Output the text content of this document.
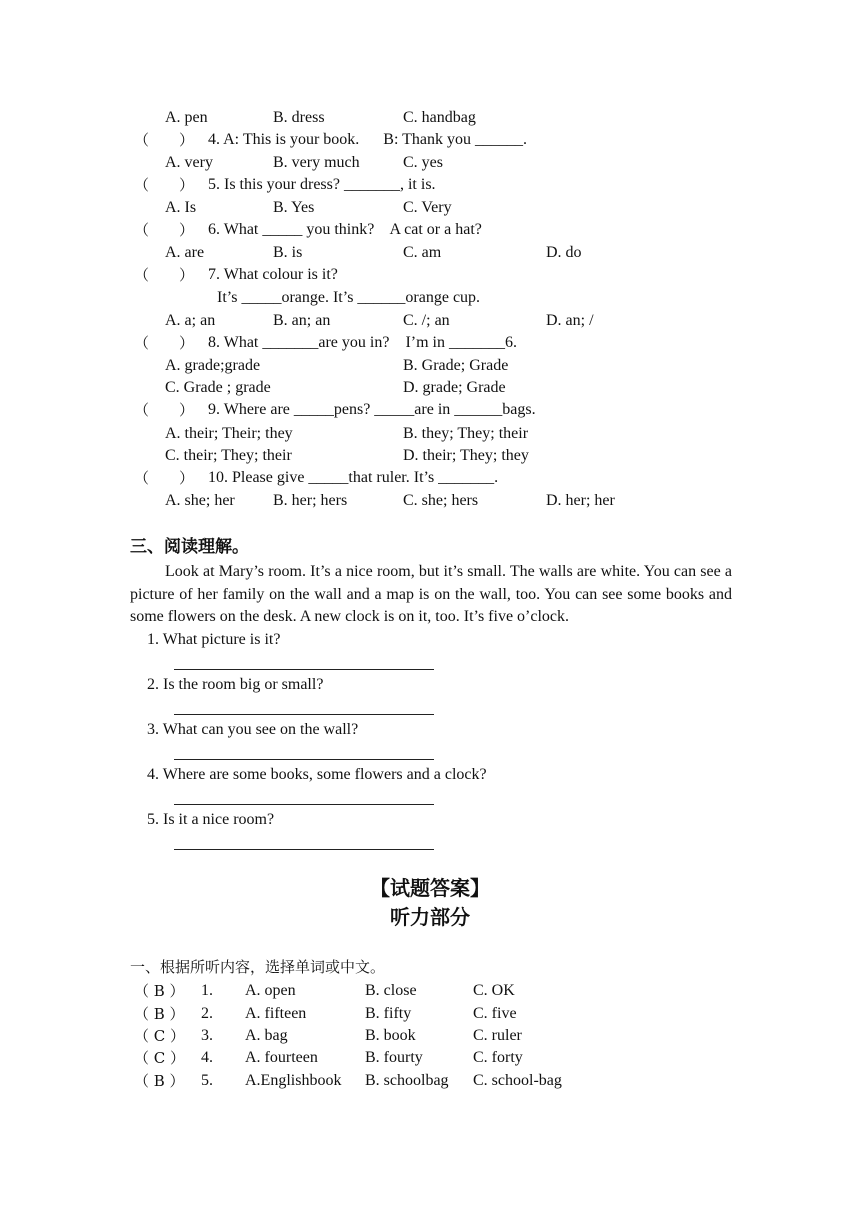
A. pen	B. dress	C. handbag
（　　） 4. A: This is your book.      B: Thank you ______.
A. very	B. very much	C. yes
（　　） 5. Is this your dress? _______, it is.
A. Is	B. Yes	C. Very
（　　） 6. What _____ you think?    A cat or a hat?
A. are	B. is	C. am	D. do
（　　） 7. What colour is it?
It’s _____orange. It’s ______orange cup.
A. a; an	B. an; an	C. /; an	D. an; /
（　　） 8. What _______are you in?    I’m in _______6.
A. grade;grade	B. Grade; Grade
C. Grade ; grade	D. grade; Grade
（　　） 9. Where are _____pens? _____are in ______bags.
A. their; Their; they	B. they; They; their
C. their; They; their	D. their; They; they
（　　） 10. Please give _____that ruler. It’s _______.
A. she; her B. her; hers	C. she; hers	D. her; her
三、阅读理解。
Look at Mary’s room. It’s a nice room, but it’s small. The walls are white. You can see a picture of her family on the wall and a map is on the wall, too. You can see some books and some flowers on the desk. A new clock is on it, too. It’s five o’clock.
1. What picture is it?
2. Is the room big or small?
3. What can you see on the wall?
4. Where are some books, some flowers and a clock?
5. Is it a nice room?
【试题答案】
听力部分
一、根据所听内容，选择单词或中文。
（ B ） 1. A. open	B. close	C. OK
（ B ） 2. A. fifteen	B. fifty	C. five
（ C ） 3. A. bag	B. book	C. ruler
（ C ） 4. A. fourteen	B. fourty	C. forty
（ B ） 5. A.Englishbook B. schoolbag C. school-bag
